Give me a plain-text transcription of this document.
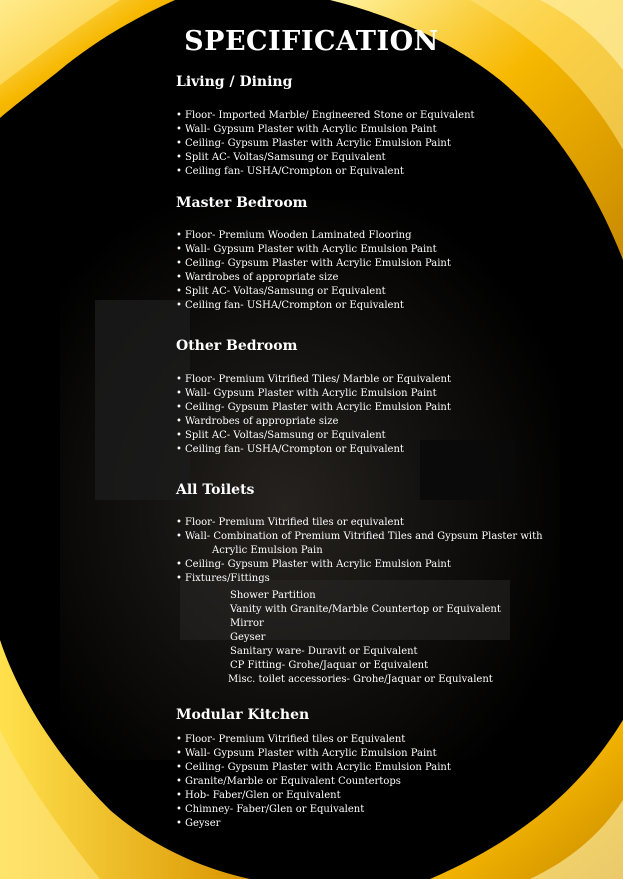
SPECIFICATION
Living / Dining
• Floor- Imported Marble/ Engineered Stone or Equivalent
• Wall- Gypsum Plaster with Acrylic Emulsion Paint
• Ceiling- Gypsum Plaster with Acrylic Emulsion Paint
• Split AC- Voltas/Samsung or Equivalent
• Ceiling fan- USHA/Crompton or Equivalent
Master Bedroom
• Floor- Premium Wooden Laminated Flooring
• Wall- Gypsum Plaster with Acrylic Emulsion Paint
• Ceiling- Gypsum Plaster with Acrylic Emulsion Paint
• Wardrobes of appropriate size
• Split AC- Voltas/Samsung or Equivalent
• Ceiling fan- USHA/Crompton or Equivalent
Other Bedroom
• Floor- Premium Vitrified Tiles/ Marble or Equivalent
• Wall- Gypsum Plaster with Acrylic Emulsion Paint
• Ceiling- Gypsum Plaster with Acrylic Emulsion Paint
• Wardrobes of appropriate size
• Split AC- Voltas/Samsung or Equivalent
• Ceiling fan- USHA/Crompton or Equivalent
All Toilets
• Floor- Premium Vitrified tiles or equivalent
• Wall- Combination of Premium Vitrified Tiles and Gypsum Plaster with
Acrylic Emulsion Pain
• Ceiling- Gypsum Plaster with Acrylic Emulsion Paint
• Fixtures/Fittings
Shower Partition
Vanity with Granite/Marble Countertop or Equivalent
Mirror
Geyser
Sanitary ware- Duravit or Equivalent
CP Fitting- Grohe/Jaquar or Equivalent
Misc. toilet accessories- Grohe/Jaquar or Equivalent
Modular Kitchen
• Floor- Premium Vitrified tiles or Equivalent
• Wall- Gypsum Plaster with Acrylic Emulsion Paint
• Ceiling- Gypsum Plaster with Acrylic Emulsion Paint
• Granite/Marble or Equivalent Countertops
• Hob- Faber/Glen or Equivalent
• Chimney- Faber/Glen or Equivalent
• Geyser
